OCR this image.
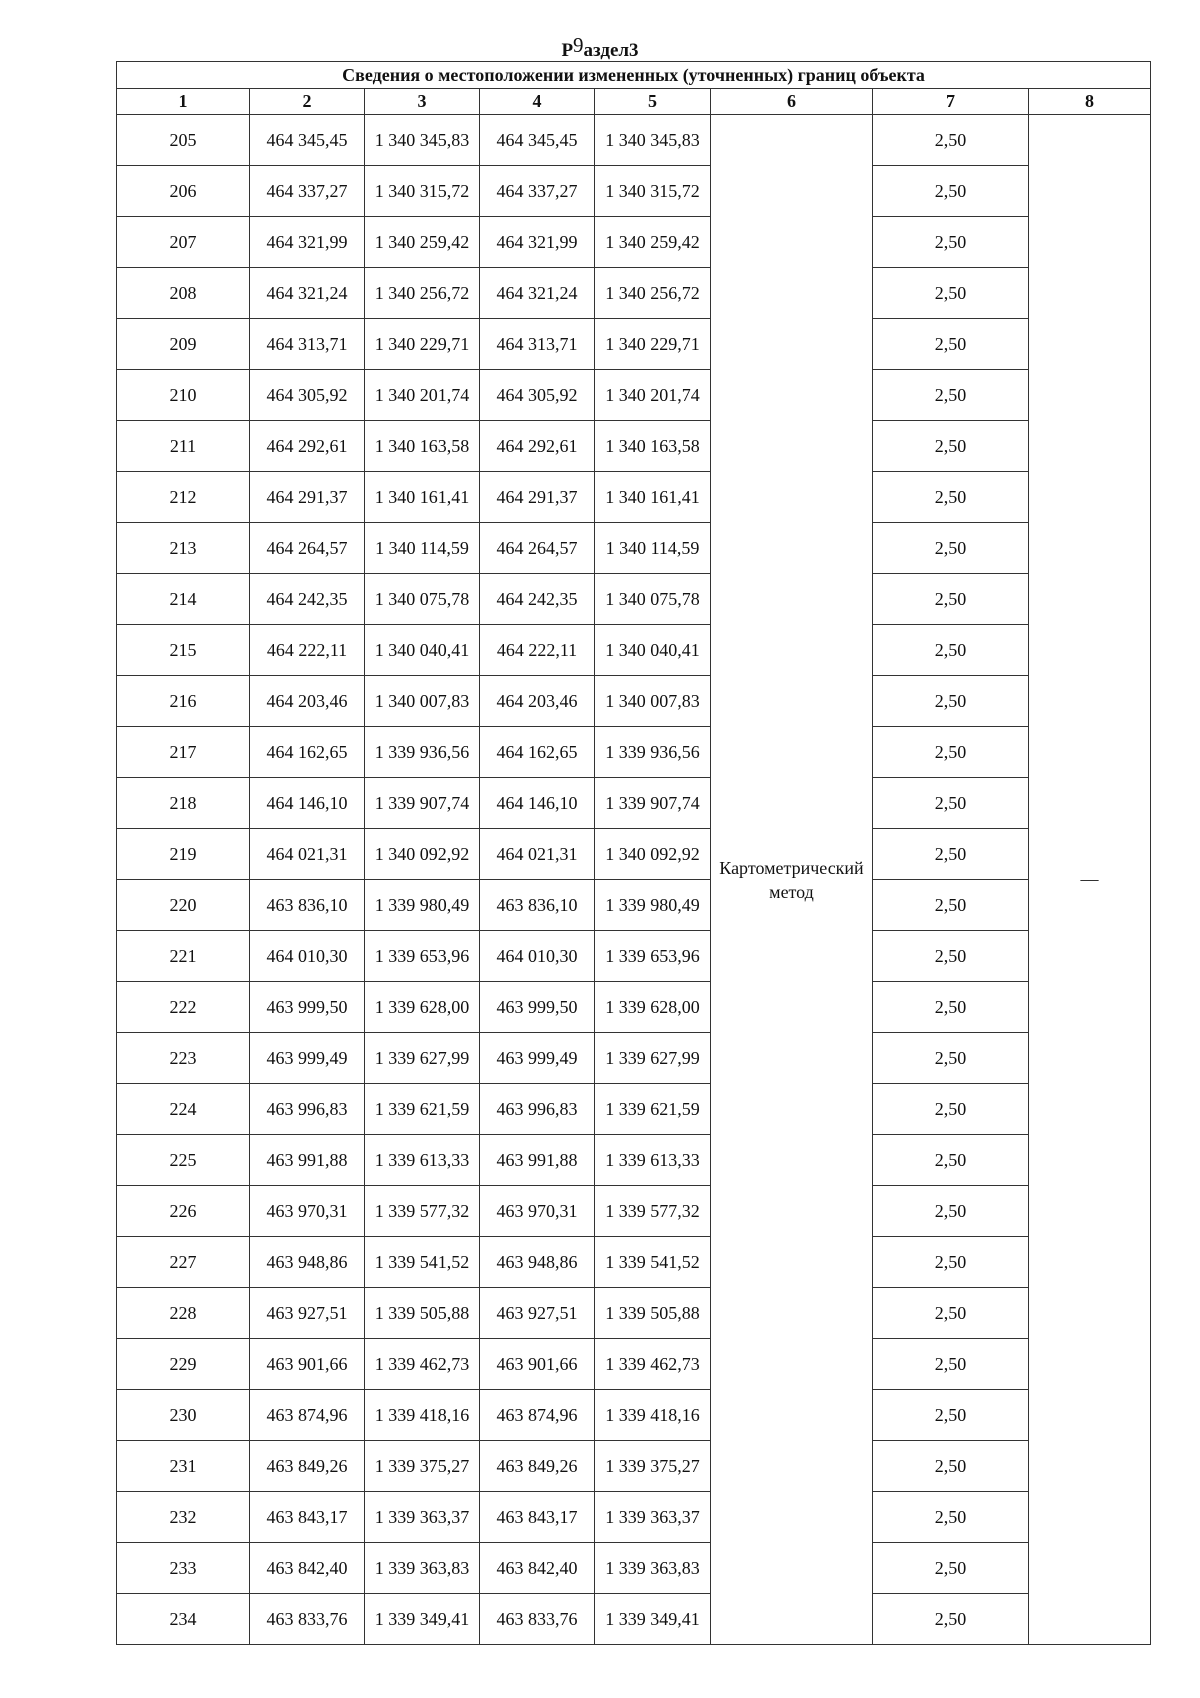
$Р^9аздел3$
Сведения о местоположении измененных (уточненных) границ объекта							
1	2	3	4	5	6	7	8
205	464 345,45	1 340 345,83	464 345,45	1 340 345,83	Картометрический метод	2,50	—
206	464 337,27	1 340 315,72	464 337,27	1 340 315,72		2,50	
207	464 321,99	1 340 259,42	464 321,99	1 340 259,42		2,50	
208	464 321,24	1 340 256,72	464 321,24	1 340 256,72		2,50	
209	464 313,71	1 340 229,71	464 313,71	1 340 229,71		2,50	
210	464 305,92	1 340 201,74	464 305,92	1 340 201,74		2,50	
211	464 292,61	1 340 163,58	464 292,61	1 340 163,58		2,50	
212	464 291,37	1 340 161,41	464 291,37	1 340 161,41		2,50	
213	464 264,57	1 340 114,59	464 264,57	1 340 114,59		2,50	
214	464 242,35	1 340 075,78	464 242,35	1 340 075,78		2,50	
215	464 222,11	1 340 040,41	464 222,11	1 340 040,41		2,50	
216	464 203,46	1 340 007,83	464 203,46	1 340 007,83		2,50	
217	464 162,65	1 339 936,56	464 162,65	1 339 936,56		2,50	
218	464 146,10	1 339 907,74	464 146,10	1 339 907,74		2,50	
219	464 021,31	1 340 092,92	464 021,31	1 340 092,92		2,50	
220	463 836,10	1 339 980,49	463 836,10	1 339 980,49		2,50	
221	464 010,30	1 339 653,96	464 010,30	1 339 653,96		2,50	
222	463 999,50	1 339 628,00	463 999,50	1 339 628,00		2,50	
223	463 999,49	1 339 627,99	463 999,49	1 339 627,99		2,50	
224	463 996,83	1 339 621,59	463 996,83	1 339 621,59		2,50	
225	463 991,88	1 339 613,33	463 991,88	1 339 613,33		2,50	
226	463 970,31	1 339 577,32	463 970,31	1 339 577,32		2,50	
227	463 948,86	1 339 541,52	463 948,86	1 339 541,52		2,50	
228	463 927,51	1 339 505,88	463 927,51	1 339 505,88		2,50	
229	463 901,66	1 339 462,73	463 901,66	1 339 462,73		2,50	
230	463 874,96	1 339 418,16	463 874,96	1 339 418,16		2,50	
231	463 849,26	1 339 375,27	463 849,26	1 339 375,27		2,50	
232	463 843,17	1 339 363,37	463 843,17	1 339 363,37		2,50	
233	463 842,40	1 339 363,83	463 842,40	1 339 363,83		2,50	
234	463 833,76	1 339 349,41	463 833,76	1 339 349,41		2,50	
